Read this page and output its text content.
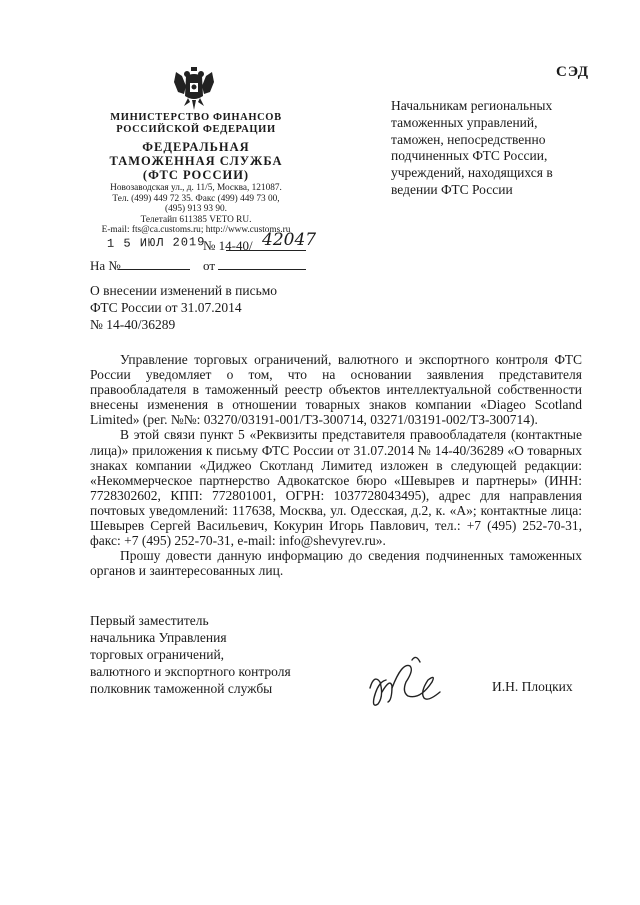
МИНИСТЕРСТВО ФИНАНСОВ
РОССИЙСКОЙ ФЕДЕРАЦИИ
ФЕДЕРАЛЬНАЯ
ТАМОЖЕННАЯ СЛУЖБА
(ФТС РОССИИ)
Новозаводская ул., д. 11/5, Москва, 121087.
Тел. (499) 449 72 35. Факс (499) 449 73 00,
(495) 913 93 90.
Телетайп 611385 VETO RU.
E-mail: fts@ca.customs.ru; http://www.customs.ru
1 5 ИЮЛ 2019
№ 14-40/ 42047
На №	от
СЭД
Начальникам региональных
таможенных управлений,
таможен, непосредственно
подчиненных ФТС России,
учреждений, находящихся в
ведении ФТС России
О внесении изменений в письмо
ФТС России от 31.07.2014
№ 14-40/36289

Управление торговых ограничений, валютного и экспортного контроля ФТС России уведомляет о том, что на основании заявления представителя правообладателя в таможенный реестр объектов интеллектуальной собственности внесены изменения в отношении товарных знаков компании «Diageo Scotland Limited» (рег. №№: 03270/03191-001/ТЗ-300714, 03271/03191-002/ТЗ-300714).

В этой связи пункт 5 «Реквизиты представителя правообладателя (контактные лица)» приложения к письму ФТС России от 31.07.2014 № 14-40/36289 «О товарных знаках компании «Диджео Скотланд Лимитед изложен в следующей редакции: «Некоммерческое партнерство Адвокатское бюро «Шевырев и партнеры» (ИНН: 7728302602, КПП: 772801001, ОГРН: 1037728043495), адрес для направления почтовых уведомлений: 117638, Москва, ул. Одесская, д.2, к. «А»; контактные лица: Шевырев Сергей Васильевич, Кокурин Игорь Павлович, тел.: +7 (495) 252-70-31, факс: +7 (495) 252-70-31, e-mail: info@shevyrev.ru».

Прошу довести данную информацию до сведения подчиненных таможенных органов и заинтересованных лиц.

Первый заместитель
начальника Управления
торговых ограничений,
валютного и экспортного контроля
полковник таможенной службы	И.Н. Плоцких
